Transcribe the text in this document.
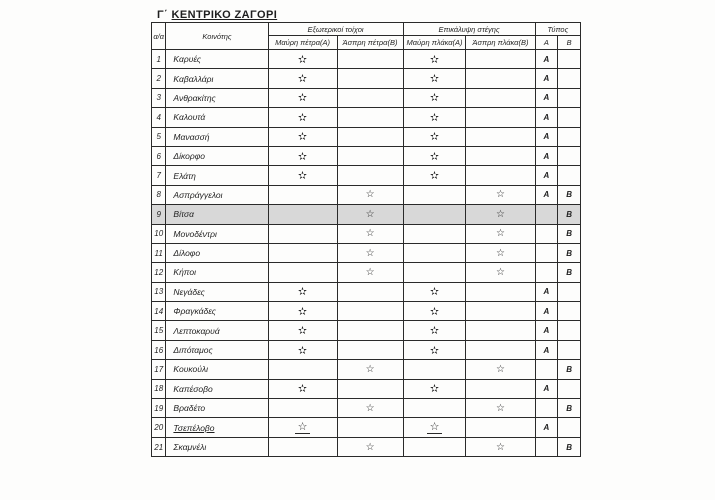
Γ΄ ΚΕΝΤΡΙΚΟ ΖΑΓΟΡΙ
α/α	Κοινότης	Εξωτερικοί τοίχοι		Επικάλυψη στέγης		Τύπος	
		Μαύρη πέτρα(Α)	Άσπρη πέτρα(Β)	Μαύρη πλάκα(Α)	Άσπρη πλάκα(Β)	Α	Β
1	Καρυές	✫		✫		Α	
2	Καβαλλάρι	✫		✫		Α	
3	Ανθρακίτης	✫		✫		Α	
4	Καλουτά	✫		✫		Α	
5	Μανασσή	✫		✫		Α	
6	Δίκορφο	✫		✫		Α	
7	Ελάτη	✫		✫		Α	
8	Ασπράγγελοι		☆		☆	Α	Β
9	Βίτσα		☆		☆		Β
10	Μονοδέντρι		☆		☆		Β
11	Δίλοφο		☆		☆		Β
12	Κήποι		☆		☆		Β
13	Νεγάδες	✫		✫		Α	
14	Φραγκάδες	✫		✫		Α	
15	Λεπτοκαρυά	✫		✫		Α	
16	Διπόταμος	✫		✫		Α	
17	Κουκούλι		☆		☆		Β
18	Καπέσοβο	✫		✫		Α	
19	Βραδέτο		☆		☆		Β
20	Τσεπέλοβο	☆		☆		Α	
21	Σκαμνέλι		☆		☆		Β
